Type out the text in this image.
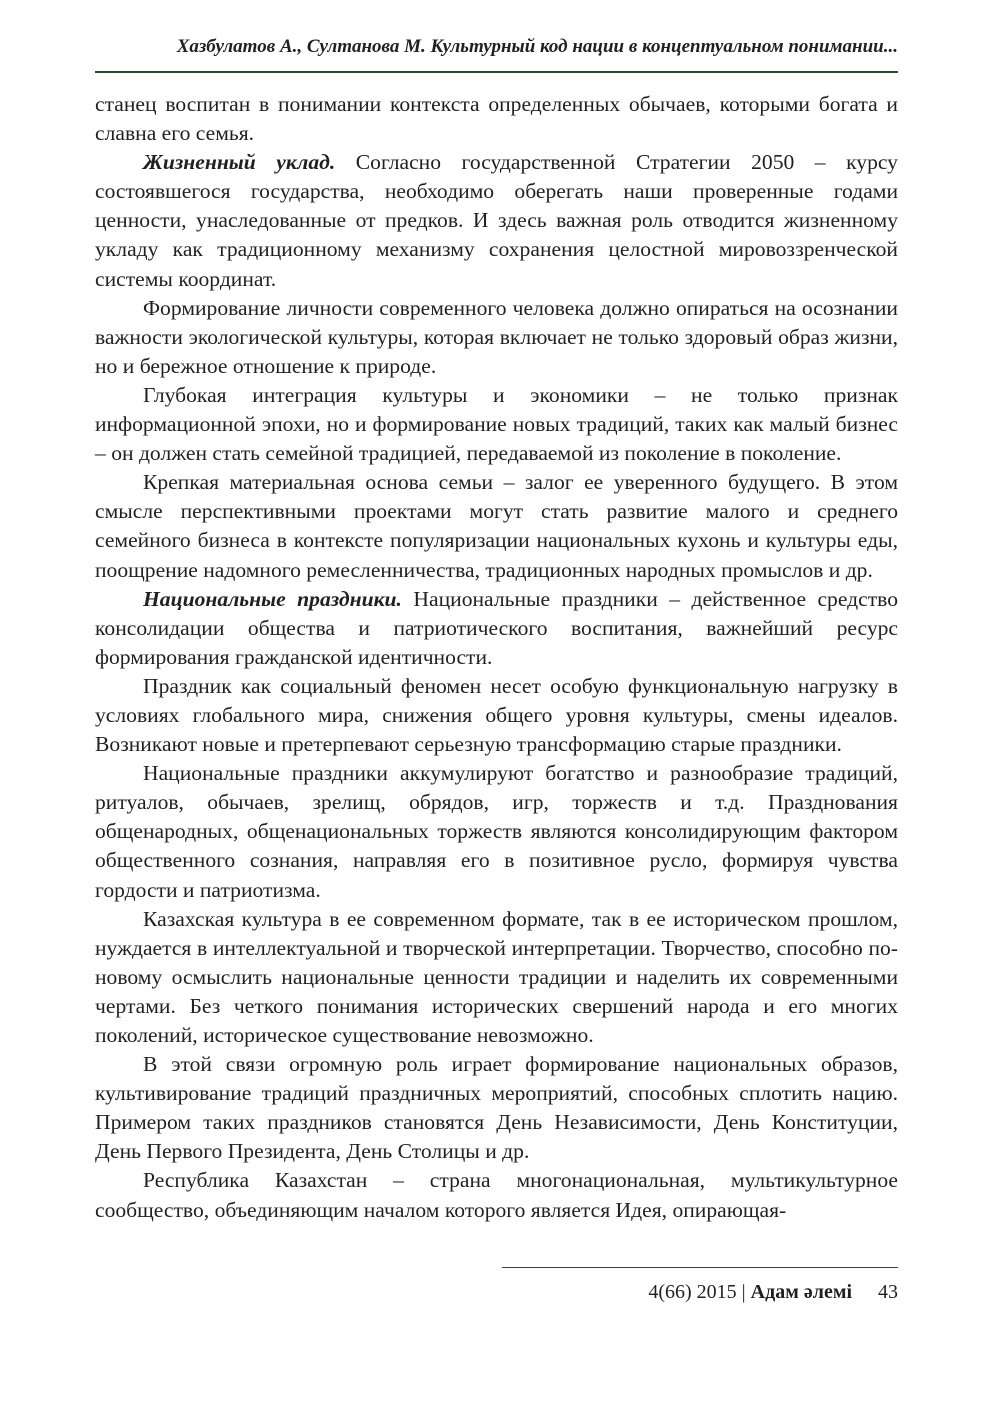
Хазбулатов А., Султанова М. Культурный код нации в концептуальном понимании...

станец воспитан в понимании контекста определенных обычаев, которыми богата и славна его семья.

Жизненный уклад. Согласно государственной Стратегии 2050 – курсу состоявшегося государства, необходимо оберегать наши проверенные годами ценности, унаследованные от предков. И здесь важная роль отводится жизненному укладу как традиционному механизму сохранения целостной мировоззренческой системы координат.

Формирование личности современного человека должно опираться на осознании важности экологической культуры, которая включает не только здоровый образ жизни, но и бережное отношение к природе.

Глубокая интеграция культуры и экономики – не только признак информационной эпохи, но и формирование новых традиций, таких как малый бизнес – он должен стать семейной традицией, передаваемой из поколение в поколение.

Крепкая материальная основа семьи – залог ее уверенного будущего. В этом смысле перспективными проектами могут стать развитие малого и среднего семейного бизнеса в контексте популяризации национальных кухонь и культуры еды, поощрение надомного ремесленничества, традиционных народных промыслов и др.

Национальные праздники. Национальные праздники – действенное средство консолидации общества и патриотического воспитания, важнейший ресурс формирования гражданской идентичности.

Праздник как социальный феномен несет особую функциональную нагрузку в условиях глобального мира, снижения общего уровня культуры, смены идеалов. Возникают новые и претерпевают серьезную трансформацию старые праздники.

Национальные праздники аккумулируют богатство и разнообразие традиций, ритуалов, обычаев, зрелищ, обрядов, игр, торжеств и т.д. Празднования общенародных, общенациональных торжеств являются консолидирующим фактором общественного сознания, направляя его в позитивное русло, формируя чувства гордости и патриотизма.

Казахская культура в ее современном формате, так в ее историческом прошлом, нуждается в интеллектуальной и творческой интерпретации. Творчество, способно по-новому осмыслить национальные ценности традиции и наделить их современными чертами. Без четкого понимания исторических свершений народа и его многих поколений, историческое существование невозможно.

В этой связи огромную роль играет формирование национальных образов, культивирование традиций праздничных мероприятий, способных сплотить нацию. Примером таких праздников становятся День Независимости, День Конституции, День Первого Президента, День Столицы и др.

Республика Казахстан – страна многонациональная, мультикультурное сообщество, объединяющим началом которого является Идея, опирающая-

4(66) 2015 | Адам әлемі 43
